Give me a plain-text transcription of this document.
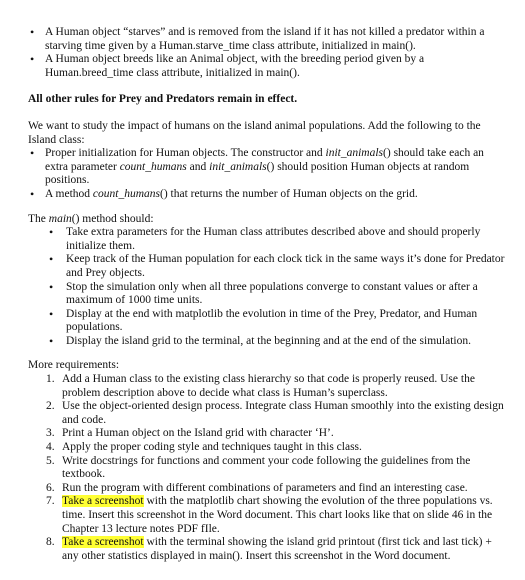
• A Human object “starves” and is removed from the island if it has not killed a predator within a starving time given by a Human.starve_time class attribute, initialized in main().
• A Human object breeds like an Animal object, with the breeding period given by a Human.breed_time class attribute, initialized in main().
All other rules for Prey and Predators remain in effect.
We want to study the impact of humans on the island animal populations. Add the following to the Island class:
• Proper initialization for Human objects. The constructor and init_animals() should take each an extra parameter count_humans and init_animals() should position Human objects at random positions.
• A method count_humans() that returns the number of Human objects on the grid.
The main() method should:
• Take extra parameters for the Human class attributes described above and should properly initialize them.
• Keep track of the Human population for each clock tick in the same ways it’s done for Predator and Prey objects.
• Stop the simulation only when all three populations converge to constant values or after a maximum of 1000 time units.
• Display at the end with matplotlib the evolution in time of the Prey, Predator, and Human populations.
• Display the island grid to the terminal, at the beginning and at the end of the simulation.
More requirements:
1. Add a Human class to the existing class hierarchy so that code is properly reused. Use the problem description above to decide what class is Human’s superclass.
2. Use the object-oriented design process. Integrate class Human smoothly into the existing design and code.
3. Print a Human object on the Island grid with character ‘H’.
4. Apply the proper coding style and techniques taught in this class.
5. Write docstrings for functions and comment your code following the guidelines from the textbook.
6. Run the program with different combinations of parameters and find an interesting case.
7. Take a screenshot with the matplotlib chart showing the evolution of the three populations vs. time. Insert this screenshot in the Word document. This chart looks like that on slide 46 in the Chapter 13 lecture notes PDF fIle.
8. Take a screenshot with the terminal showing the island grid printout (first tick and last tick) + any other statistics displayed in main(). Insert this screenshot in the Word document.
